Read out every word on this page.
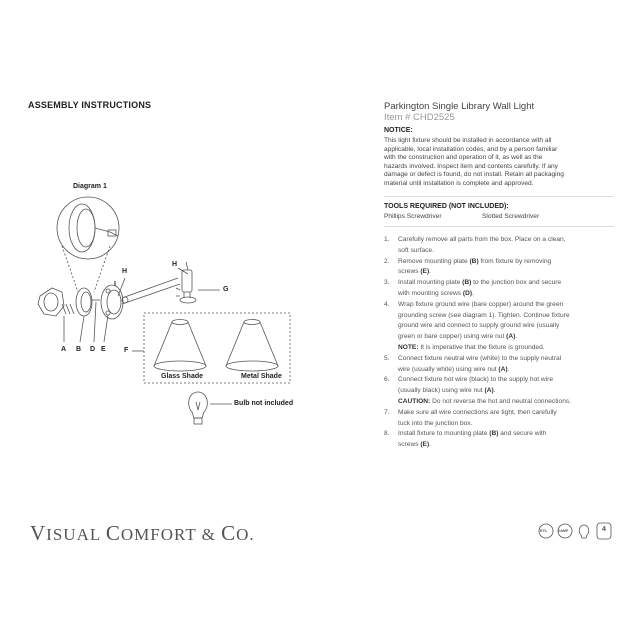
ASSEMBLY INSTRUCTIONS
Diagram 1
H
H
G
I
F
A B D E
Glass Shade	Metal Shade
Bulb not included
Parkington Single Library Wall Light
Item # CHD2525
NOTICE:
This light fixture should be installed in accordance with all
applicable, local installation codes, and by a person familiar
with the construction and operation of it, as well as the
hazards involved. Inspect item and contents carefully. If any
damage or defect is found, do not install. Retain all packaging
material until installation is complete and approved.
TOOLS REQUIRED (NOT INCLUDED):
Phillips Screwdriver	Slotted Screwdriver
1. Carefully remove all parts from the box. Place on a clean,
soft surface.
2. Remove mounting plate (B) from fixture by removing
screws (E).
3. Install mounting plate (B) to the junction box and secure
with mounting screws (D).
4. Wrap fixture ground wire (bare copper) around the green
grounding screw (see diagram 1). Tighten. Continue fixture
ground wire and connect to supply ground wire (usually
green or bare copper) using wire nut (A).
NOTE: It is imperative that the fixture is grounded.
5. Connect fixture neutral wire (white) to the supply neutral
wire (usually white) using wire nut (A).
6. Connect fixture hot wire (black) to the supply hot wire
(usually black) using wire nut (A).
CAUTION: Do not reverse the hot and neutral connections.
7. Make sure all wire connections are tight, then carefully
tuck into the junction box.
8. Install fixture to mounting plate (B) and secure with
screws (E).
VISUAL COMFORT & CO.	ETL	DAMP	4
